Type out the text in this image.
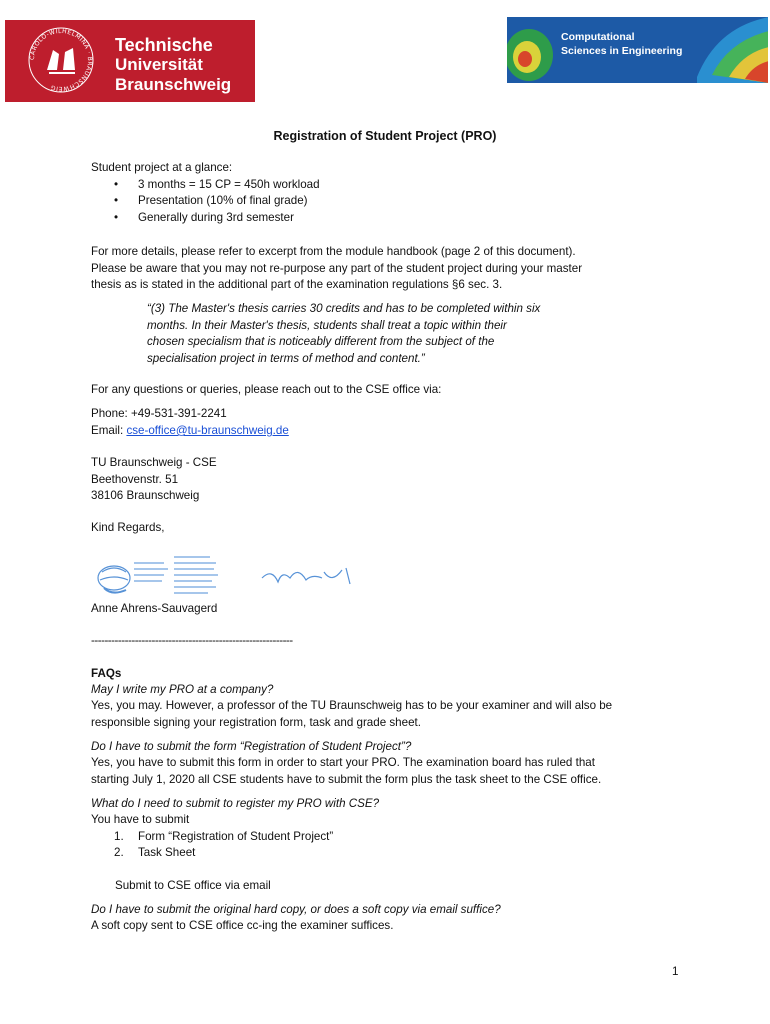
CAROLO-WILHELMINA · BRAUNSCHWEIG
Technische
Universität
Braunschweig
Computational
Sciences in Engineering
Registration of Student Project (PRO)

Student project at a glance:

• 3 months = 15 CP = 450h workload
• Presentation (10% of final grade)
• Generally during 3rd semester

For more details, please refer to excerpt from the module handbook (page 2 of this document).

Please be aware that you may not re-purpose any part of the student project during your master

thesis as is stated in the additional part of the examination regulations §6 sec. 3.

“(3) The Master's thesis carries 30 credits and has to be completed within six

months. In their Master's thesis, students shall treat a topic within their

chosen specialism that is noticeably different from the subject of the

specialisation project in terms of method and content.”

For any questions or queries, please reach out to the CSE office via:

Phone: +49-531-391-2241

Email: cse-office@tu-braunschweig.de

TU Braunschweig - CSE

Beethovenstr. 51

38106 Braunschweig

Kind Regards,

Anne Ahrens-Sauvagerd

------------------------------------------------------------

FAQs

May I write my PRO at a company?

Yes, you may. However, a professor of the TU Braunschweig has to be your examiner and will also be

responsible signing your registration form, task and grade sheet.

Do I have to submit the form “Registration of Student Project”?

Yes, you have to submit this form in order to start your PRO. The examination board has ruled that

starting July 1, 2020 all CSE students have to submit the form plus the task sheet to the CSE office.

What do I need to submit to register my PRO with CSE?

You have to submit

1. Form “Registration of Student Project”
2. Task Sheet

Submit to CSE office via email

Do I have to submit the original hard copy, or does a soft copy via email suffice?

A soft copy sent to CSE office cc-ing the examiner suffices.

1
